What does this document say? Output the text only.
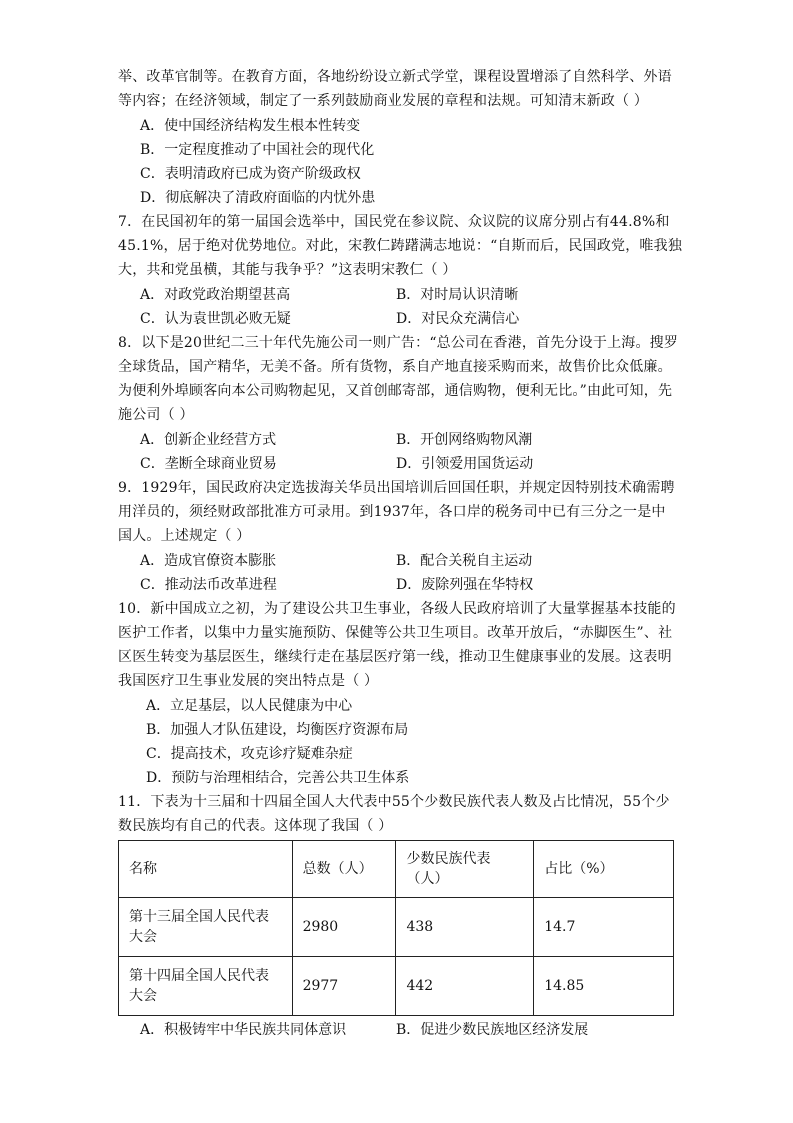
举、改革官制等。在教育方面，各地纷纷设立新式学堂，课程设置增添了自然科学、外语
等内容；在经济领域，制定了一系列鼓励商业发展的章程和法规。可知清末新政（ ）
A．使中国经济结构发生根本性转变
B．一定程度推动了中国社会的现代化
C．表明清政府已成为资产阶级政权
D．彻底解决了清政府面临的内忧外患
7．在民国初年的第一届国会选举中，国民党在参议院、众议院的议席分别占有44.8%和
45.1%，居于绝对优势地位。对此，宋教仁踌躇满志地说：“自斯而后，民国政党，唯我独
大，共和党虽横，其能与我争乎？”这表明宋教仁（ ）
A．对政党政治期望甚高	B．对时局认识清晰
C．认为袁世凯必败无疑	D．对民众充满信心
8．以下是20世纪二三十年代先施公司一则广告：“总公司在香港，首先分设于上海。搜罗
全球货品，国产精华，无美不备。所有货物，系自产地直接采购而来，故售价比众低廉。
为便利外埠顾客向本公司购物起见，又首创邮寄部，通信购物，便利无比。”由此可知，先
施公司（ ）
A．创新企业经营方式	B．开创网络购物风潮
C．垄断全球商业贸易	D．引领爱用国货运动
9．1929年，国民政府决定选拔海关华员出国培训后回国任职，并规定因特别技术确需聘
用洋员的，须经财政部批准方可录用。到1937年，各口岸的税务司中已有三分之一是中
国人。上述规定（ ）
A．造成官僚资本膨胀	B．配合关税自主运动
C．推动法币改革进程	D．废除列强在华特权
10．新中国成立之初，为了建设公共卫生事业，各级人民政府培训了大量掌握基本技能的
医护工作者，以集中力量实施预防、保健等公共卫生项目。改革开放后，“赤脚医生”、社
区医生转变为基层医生，继续行走在基层医疗第一线，推动卫生健康事业的发展。这表明
我国医疗卫生事业发展的突出特点是（ ）
A．立足基层，以人民健康为中心
B．加强人才队伍建设，均衡医疗资源布局
C．提高技术，攻克诊疗疑难杂症
D．预防与治理相结合，完善公共卫生体系
11．下表为十三届和十四届全国人大代表中55个少数民族代表人数及占比情况，55个少
数民族均有自己的代表。这体现了我国（ ）
名称	总数（人）	少数民族代表（人）	占比（%）
第十三届全国人民代表大会	2980	438	14.7
第十四届全国人民代表大会	2977	442	14.85
A．积极铸牢中华民族共同体意识	B．促进少数民族地区经济发展
